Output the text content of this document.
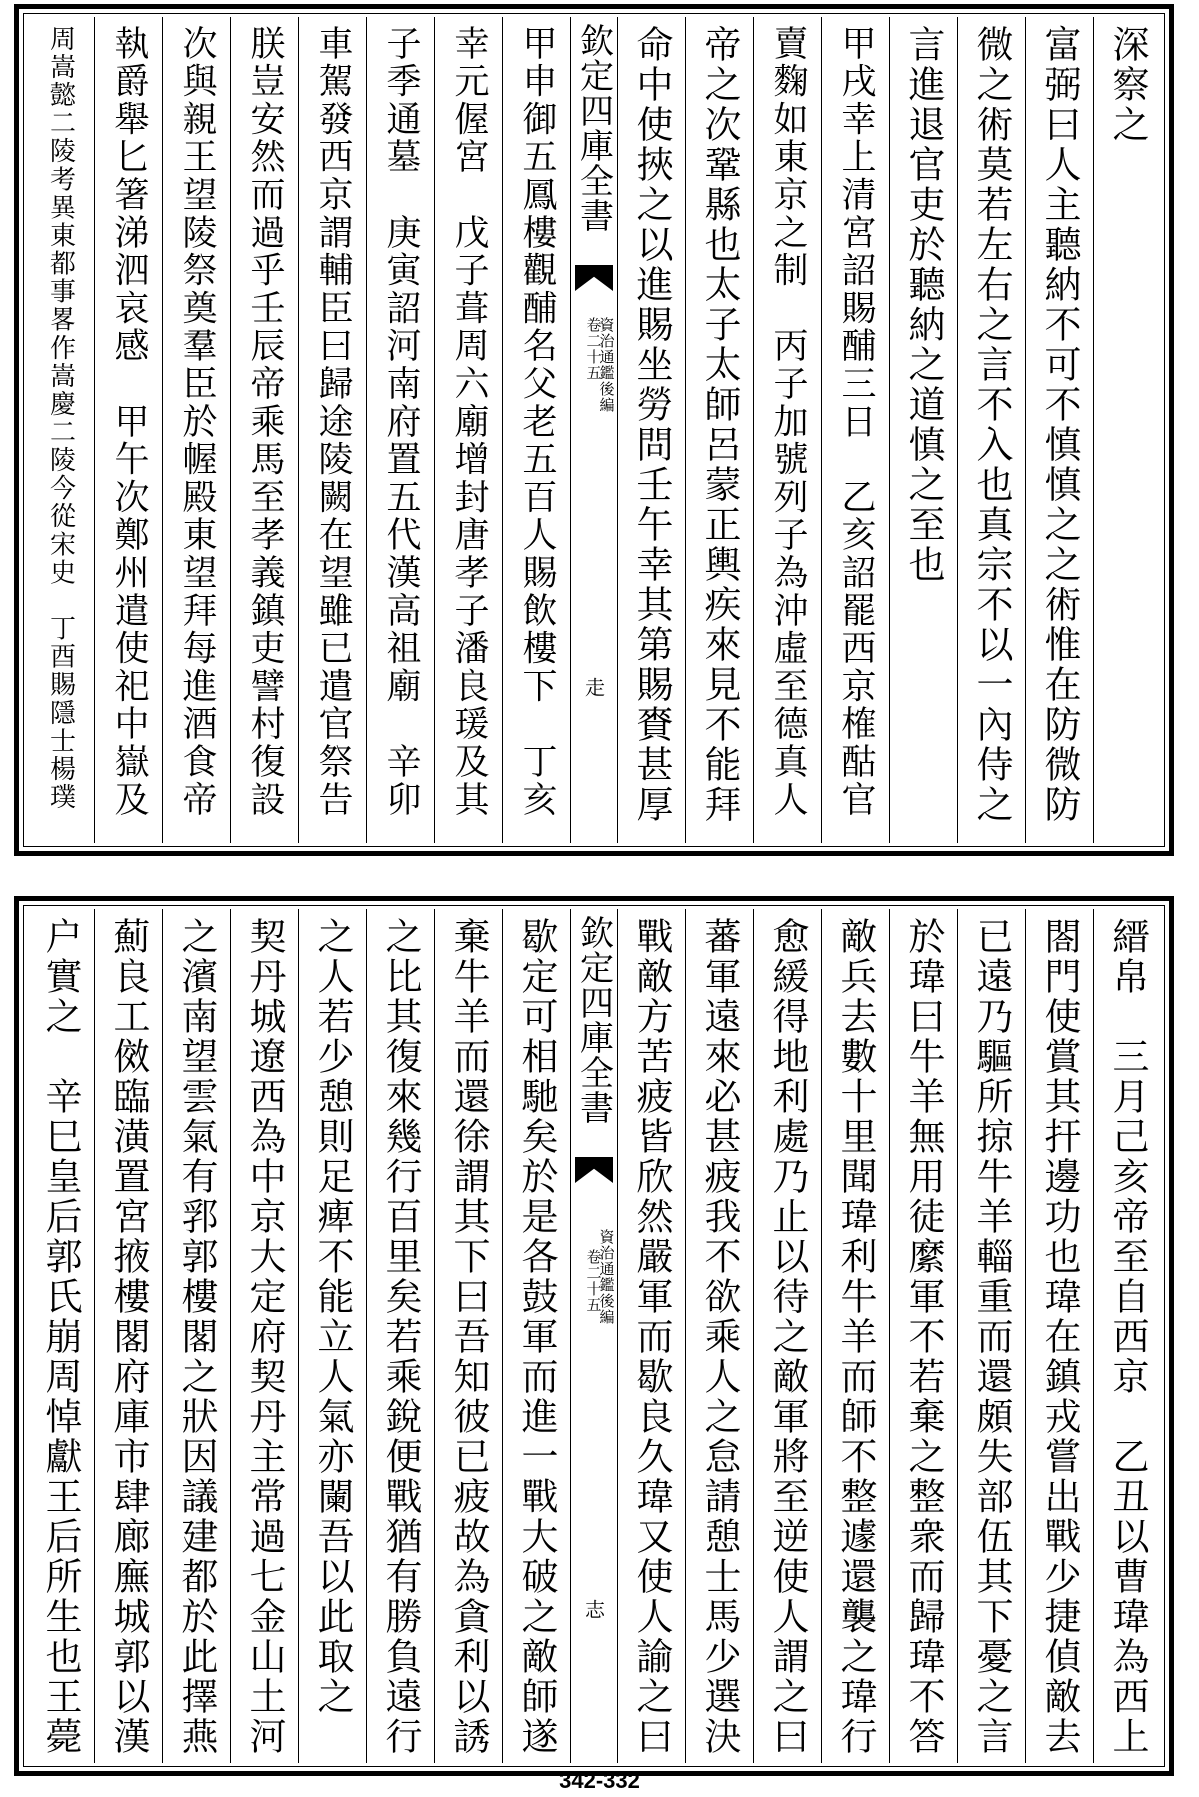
深察之
富弼曰人主聽納不可不慎慎之之術惟在防微防
微之術莫若左右之言不入也真宗不以一內侍之
言進退官吏於聽納之道慎之至也
甲戌幸上清宮詔賜酺三日　乙亥詔罷西京榷酤官
賣麴如東京之制　丙子加號列子為沖虛至德真人
帝之次鞏縣也太子太師呂蒙正輿疾來見不能拜
命中使挾之以進賜坐勞問壬午幸其第賜賚甚厚
欽定四庫全書
卷二十五
資治通鑑後編
走
甲申御五鳳樓觀酺名父老五百人賜飲樓下　丁亥
幸元偓宮　戊子葺周六廟增封唐孝子潘良瑗及其
子季通墓　庚寅詔河南府置五代漢高祖廟　辛卯
車駕發西京謂輔臣曰歸途陵闕在望雖已遣官祭告
朕豈安然而過乎壬辰帝乘馬至孝義鎮吏譬村復設
次與親王望陵祭奠羣臣於幄殿東望拜每進酒食帝
執爵舉匕箸涕泗哀感　甲午次鄭州遣使祀中嶽及
周嵩懿二陵考異東都事畧作嵩慶二陵今從宋史　丁酉賜隱士楊璞
縉帛　三月己亥帝至自西京　乙丑以曹瑋為西上
閤門使賞其扞邊功也瑋在鎮戎嘗出戰少捷偵敵去
已遠乃驅所掠牛羊輜重而還頗失部伍其下憂之言
於瑋曰牛羊無用徒縻軍不若棄之整衆而歸瑋不答
敵兵去數十里聞瑋利牛羊而師不整遽還襲之瑋行
愈緩得地利處乃止以待之敵軍將至逆使人謂之曰
蕃軍遠來必甚疲我不欲乘人之怠請憩士馬少選決
戰敵方苦疲皆欣然嚴軍而歇良久瑋又使人諭之曰
欽定四庫全書
卷二十五
資治通鑑後編
志
歇定可相馳矣於是各鼓軍而進一戰大破之敵師遂
棄牛羊而還徐謂其下曰吾知彼已疲故為貪利以誘
之比其復來幾行百里矣若乘銳便戰猶有勝負遠行
之人若少憩則足痺不能立人氣亦闌吾以此取之
契丹城遼西為中京大定府契丹主常過七金山土河
之濱南望雲氣有郛郭樓閣之狀因議建都於此擇燕
薊良工傚臨潢置宮掖樓閣府庫市肆廊廡城郭以漢
户實之　辛巳皇后郭氏崩周悼獻王后所生也王薨
342-332
